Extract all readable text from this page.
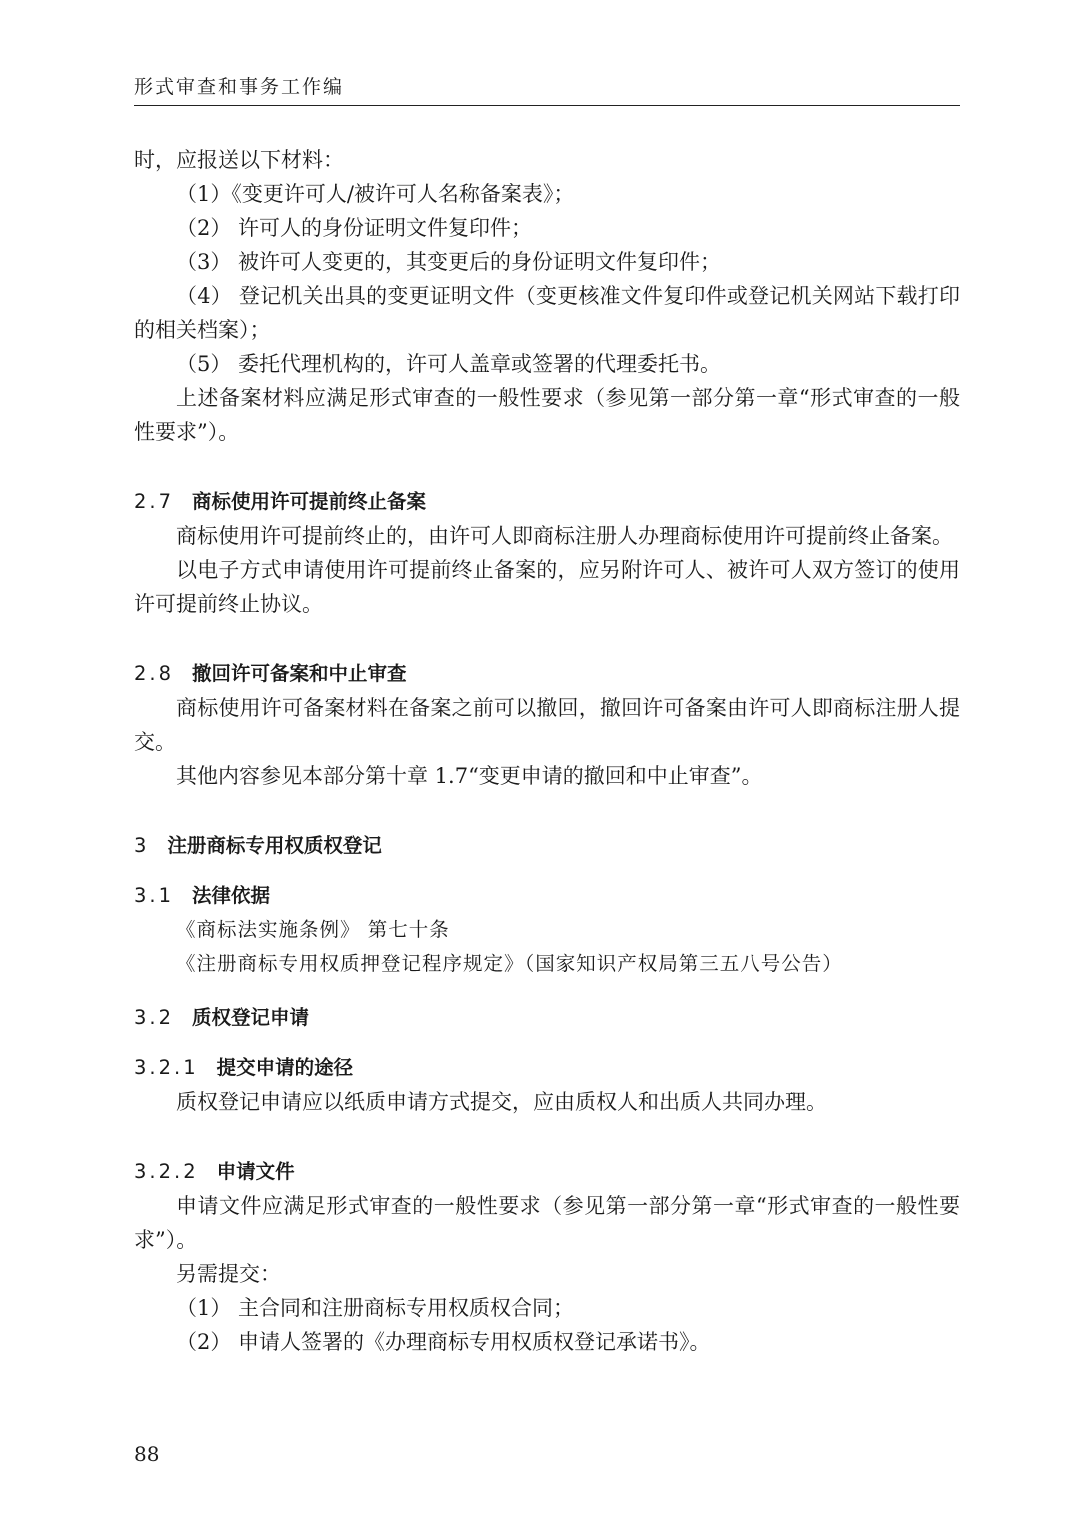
形式审查和事务工作编

时，应报送以下材料：

（1）《变更许可人/被许可人名称备案表》；

（2） 许可人的身份证明文件复印件；

（3） 被许可人变更的，其变更后的身份证明文件复印件；

（4） 登记机关出具的变更证明文件（变更核准文件复印件或登记机关网站下载打印的相关档案）；

（5） 委托代理机构的，许可人盖章或签署的代理委托书。

上述备案材料应满足形式审查的一般性要求（参见第一部分第一章“形式审查的一般性要求”）。

2.7 商标使用许可提前终止备案

商标使用许可提前终止的，由许可人即商标注册人办理商标使用许可提前终止备案。

以电子方式申请使用许可提前终止备案的，应另附许可人、被许可人双方签订的使用许可提前终止协议。

2.8 撤回许可备案和中止审查

商标使用许可备案材料在备案之前可以撤回，撤回许可备案由许可人即商标注册人提交。

其他内容参见本部分第十章 1.7“变更申请的撤回和中止审查”。

3 注册商标专用权质权登记
3.1 法律依据

《商标法实施条例》 第七十条

《注册商标专用权质押登记程序规定》（国家知识产权局第三五八号公告）

3.2 质权登记申请
3.2.1 提交申请的途径

质权登记申请应以纸质申请方式提交，应由质权人和出质人共同办理。

3.2.2 申请文件

申请文件应满足形式审查的一般性要求（参见第一部分第一章“形式审查的一般性要求”）。

另需提交：

（1） 主合同和注册商标专用权质权合同；

（2） 申请人签署的《办理商标专用权质权登记承诺书》。

88
